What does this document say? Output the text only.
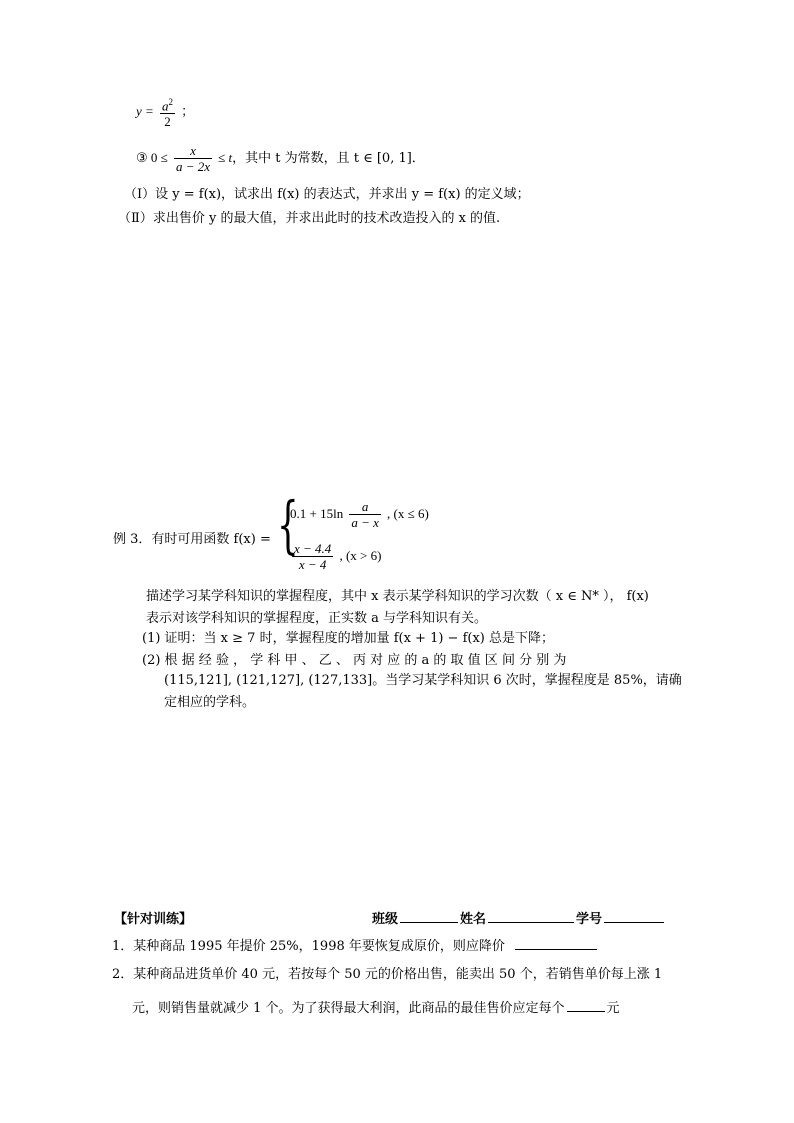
$y = \frac{a^2}{2}$ ；
③ $0 \le \frac{x}{a - 2x} \le t$，其中 t 为常数，且 t ∈ [0, 1]．
（Ⅰ）设 y = f(x)，试求出 f(x) 的表达式，并求出 y = f(x) 的定义域；
（Ⅱ）求出售价 y 的最大值，并求出此时的技术改造投入的 x 的值.
例 3．有时可用函数 f(x) = {
$0.1 + 15\ln \frac{a}{a - x}$ , (x ≤ 6)
$\frac{x - 4.4}{x - 4}$ , (x > 6)
描述学习某学科知识的掌握程度，其中 x 表示某学科知识的学习次数（ x ∈ N* ）， f(x)
表示对该学科知识的掌握程度，正实数 a 与学科知识有关。
(1) 证明：当 x ≥ 7 时，掌握程度的增加量 f(x + 1) − f(x) 总是下降；
(2) 根 据 经 验 ， 学 科 甲 、 乙 、 丙 对 应 的 a 的 取 值 区 间 分 别 为
(115,121], (121,127], (127,133]。当学习某学科知识 6 次时，掌握程度是 85%，请确
定相应的学科。
【针对训练】	班级	姓名	学号
1．某种商品 1995 年提价 25%，1998 年要恢复成原价，则应降价
2．某种商品进货单价 40 元，若按每个 50 元的价格出售，能卖出 50 个，若销售单价每上涨 1
元，则销售量就减少 1 个。为了获得最大利润，此商品的最佳售价应定每个	元
